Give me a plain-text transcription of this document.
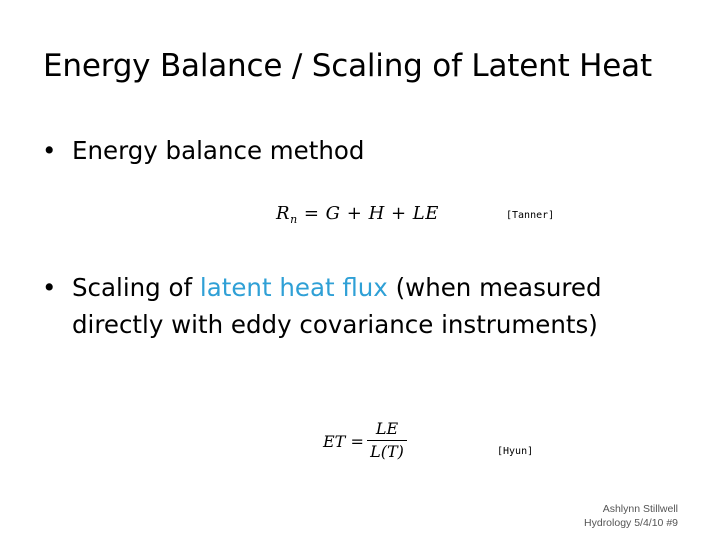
Energy Balance / Scaling of Latent Heat
• Energy balance method
$R_n = G + H$ + LE	[Tanner]
• Scaling of latent heat flux (when measured
directly with eddy covariance instruments)
ET =
LE
L(T)	[Hyun]
Ashlynn Stillwell
Hydrology 5/4/10 #9
